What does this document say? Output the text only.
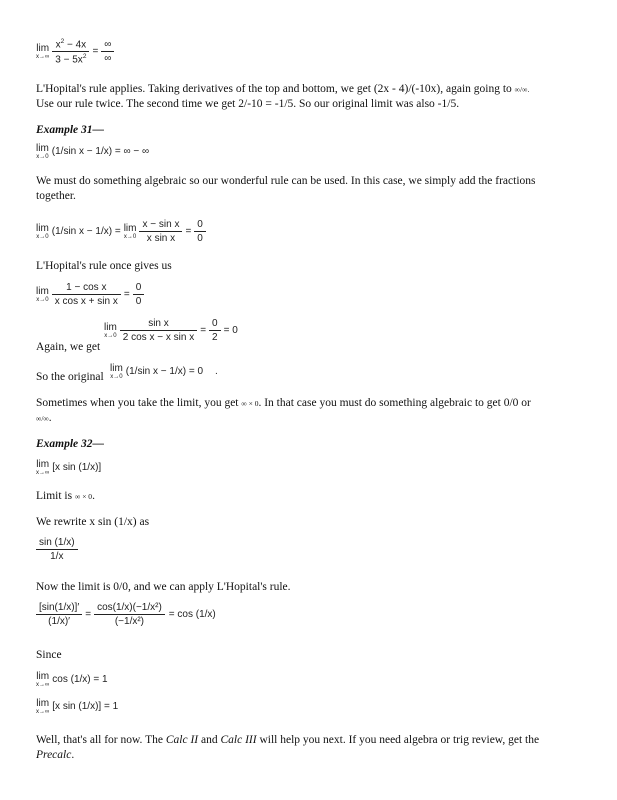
lim
$x\to\infty \frac{x^2 - 4x}{3 - 5x^2} = \frac{\infty}{\infty}$
L'Hopital's rule applies. Taking derivatives of the top and bottom, we get (2x - 4)/(-10x), again going to ∞/∞.
Use our rule twice. The second time we get 2/-10 = -1/5. So our original limit was also -1/5.
Example 31—
lim
x→0 (1/sin x − 1/x) = ∞ − ∞
We must do something algebraic so our wonderful rule can be used. In this case, we simply add the fractions together.
lim
x→0 (1/sin x − 1/x) = lim
$x\to 0 \frac{\text{x − sin x}}{\text{x sin x}} = \frac{0}{0}$
L'Hopital's rule once gives us
lim
$x\to 0 \frac{\text{1 − cos x}}{\text{x cos x + sin x}} = \frac{0}{0}$
lim
$x\to 0 \frac{\text{sin x}}{\text{2 cos x − x sin x}} = \frac{0}{2} = 0$
Again, we get
So the original
lim
x→0 (1/sin x − 1/x) = 0 .
Sometimes when you take the limit, you get ∞ × 0. In that case you must do something algebraic to get 0/0 or
∞/∞.
Example 32—
lim
x→∞ [x sin (1/x)]
Limit is ∞ × 0.
We rewrite x sin (1/x) as
$\frac{\sin (1/x)}{1/x}$
Now the limit is 0/0, and we can apply L'Hopital's rule.
$\frac{[\sin(1/x)]'}{(1/x)'} = \frac{\text{cos(1/x)(−1/x²)}}{\text{(−1/x²)}} = \cos (1/x)$
Since
lim
x→∞ cos (1/x) = 1
lim
x→∞ [x sin (1/x)] = 1
Well, that's all for now. The Calc II and Calc III will help you next. If you need algebra or trig review, get the
Precalc.
